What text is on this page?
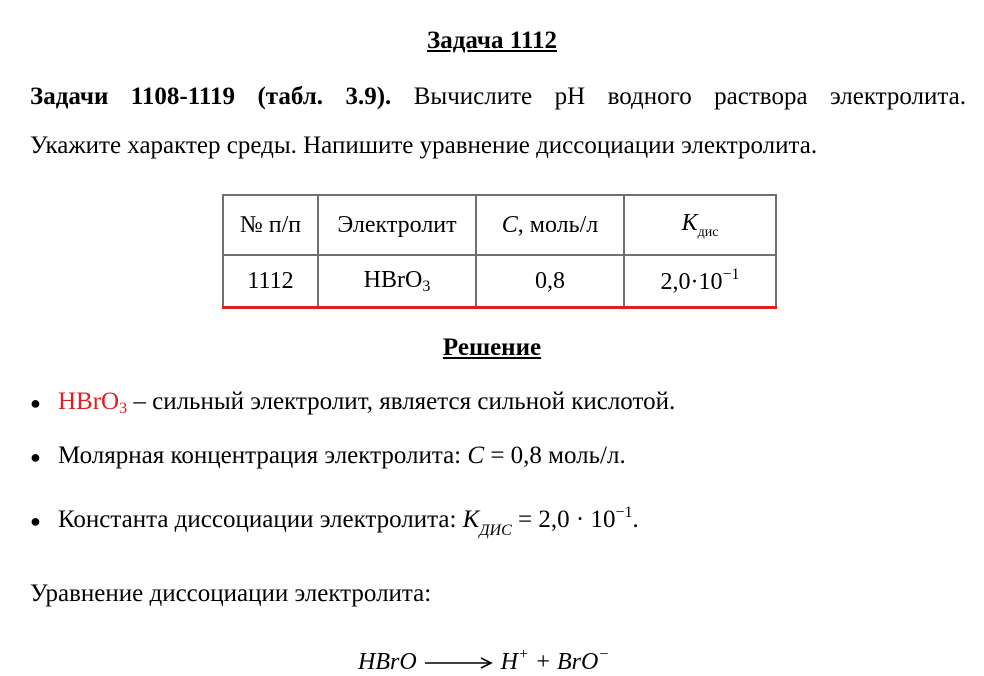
Задача 1112
Задачи 1108-1119 (табл. 3.9). Вычислите pH водного раствора электролита.
Укажите характер среды. Напишите уравнение диссоциации электролита.
№ п/п	Электролит	C, моль/л	$K_{дис}$
1112	HBrO$_3$	0,8	$2,0\cdot 10^{-1}$
Решение
● HBrO$_3$ – сильный электролит, является сильной кислотой.
● Молярная концентрация электролита: C = 0,8 моль/л.
● Константа диссоциации электролита: $K_{ДИС} = 2,0 \cdot 10^{-1}$.
Уравнение диссоциации электролита:
HBrO → H+ + BrO−
